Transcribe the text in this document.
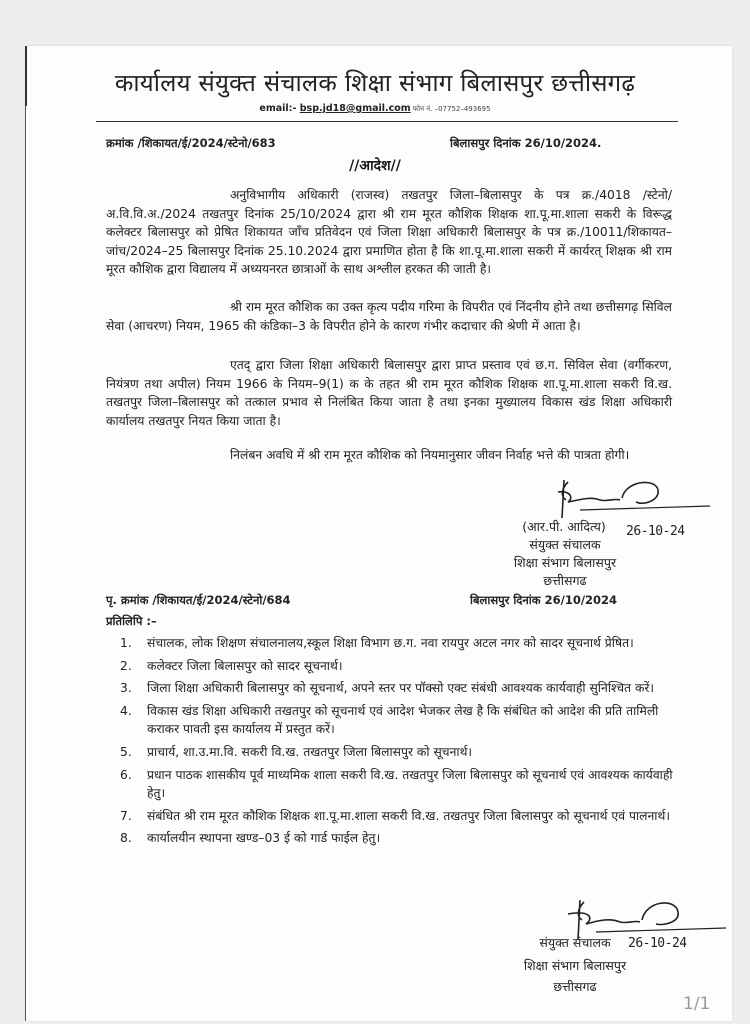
कार्यालय संयुक्त संचालक शिक्षा संभाग बिलासपुर छत्तीसगढ़
email:- bsp.jd18@gmail.com फोन नं. –07752–493695
क्रमांक /शिकायत/ई/2024/स्टेनो/683	बिलासपुर दिनांक 26/10/2024.
//आदेश//
अनुविभागीय अधिकारी (राजस्व) तखतपुर जिला–बिलासपुर के पत्र क्र./4018 /स्टेनो/अ.वि.वि.अ./2024 तखतपुर दिनांक 25/10/2024 द्वारा श्री राम मूरत कौशिक शिक्षक शा.पू.मा.शाला सकरी के विरूद्ध कलेक्टर बिलासपुर को प्रेषित शिकायत जाँच प्रतिवेदन एवं जिला शिक्षा अधिकारी बिलासपुर के पत्र क्र./10011/शिकायत–जांच/2024–25 बिलासपुर दिनांक 25.10.2024 द्वारा प्रमाणित होता है कि शा.पू.मा.शाला सकरी में कार्यरत् शिक्षक श्री राम मूरत कौशिक द्वारा विद्यालय में अध्ययनरत छात्राओं के साथ अश्लील हरकत की जाती है।
श्री राम मूरत कौशिक का उक्त कृत्य पदीय गरिमा के विपरीत एवं निंदनीय होने तथा छत्तीसगढ़ सिविल सेवा (आचरण) नियम, 1965 की कंडिका–3 के विपरीत होने के कारण गंभीर कदाचार की श्रेणी में आता है।
एतद् द्वारा जिला शिक्षा अधिकारी बिलासपुर द्वारा प्राप्त प्रस्ताव एवं छ.ग. सिविल सेवा (वर्गीकरण, नियंत्रण तथा अपील) नियम 1966 के नियम–9(1) क के तहत श्री राम मूरत कौशिक शिक्षक शा.पू.मा.शाला सकरी वि.ख. तखतपुर जिला–बिलासपुर को तत्काल प्रभाव से निलंबित किया जाता है तथा इनका मुख्यालय विकास खंड शिक्षा अधिकारी कार्यालय तखतपुर नियत किया जाता है।
निलंबन अवधि में श्री राम मूरत कौशिक को नियमानुसार जीवन निर्वाह भत्ते की पात्रता होगी।
(आर.पी. आदित्य)	26-10-24
संयुक्त संचालक
शिक्षा संभाग बिलासपुर
छत्तीसगढ
पृ. क्रमांक /शिकायत/ई/2024/स्टेनो/684	बिलासपुर दिनांक 26/10/2024
प्रतिलिपि :–
1. संचालक, लोक शिक्षण संचालनालय,स्कूल शिक्षा विभाग छ.ग. नवा रायपुर अटल नगर को सादर सूचनार्थ प्रेषित।
2. कलेक्टर जिला बिलासपुर को सादर सूचनार्थ।
3. जिला शिक्षा अधिकारी बिलासपुर को सूचनार्थ, अपने स्तर पर पॉक्सो एक्ट संबंधी आवश्यक कार्यवाही सुनिश्चित करें।
4. विकास खंड शिक्षा अधिकारी तखतपुर को सूचनार्थ एवं आदेश भेजकर लेख है कि संबंधित को आदेश की प्रति तामिली कराकर पावती इस कार्यालय में प्रस्तुत करें।
5. प्राचार्य, शा.उ.मा.वि. सकरी वि.ख. तखतपुर जिला बिलासपुर को सूचनार्थ।
6. प्रधान पाठक शासकीय पूर्व माध्यमिक शाला सकरी वि.ख. तखतपुर जिला बिलासपुर को सूचनार्थ एवं आवश्यक कार्यवाही हेतु।
7. संबंधित श्री राम मूरत कौशिक शिक्षक शा.पू.मा.शाला सकरी वि.ख. तखतपुर जिला बिलासपुर को सूचनार्थ एवं पालनार्थ।
8. कार्यालयीन स्थापना खण्ड–03 ई को गार्ड फाईल हेतु।
संयुक्त संचालक	26-10-24
शिक्षा संभाग बिलासपुर
छत्तीसगढ
1/1
